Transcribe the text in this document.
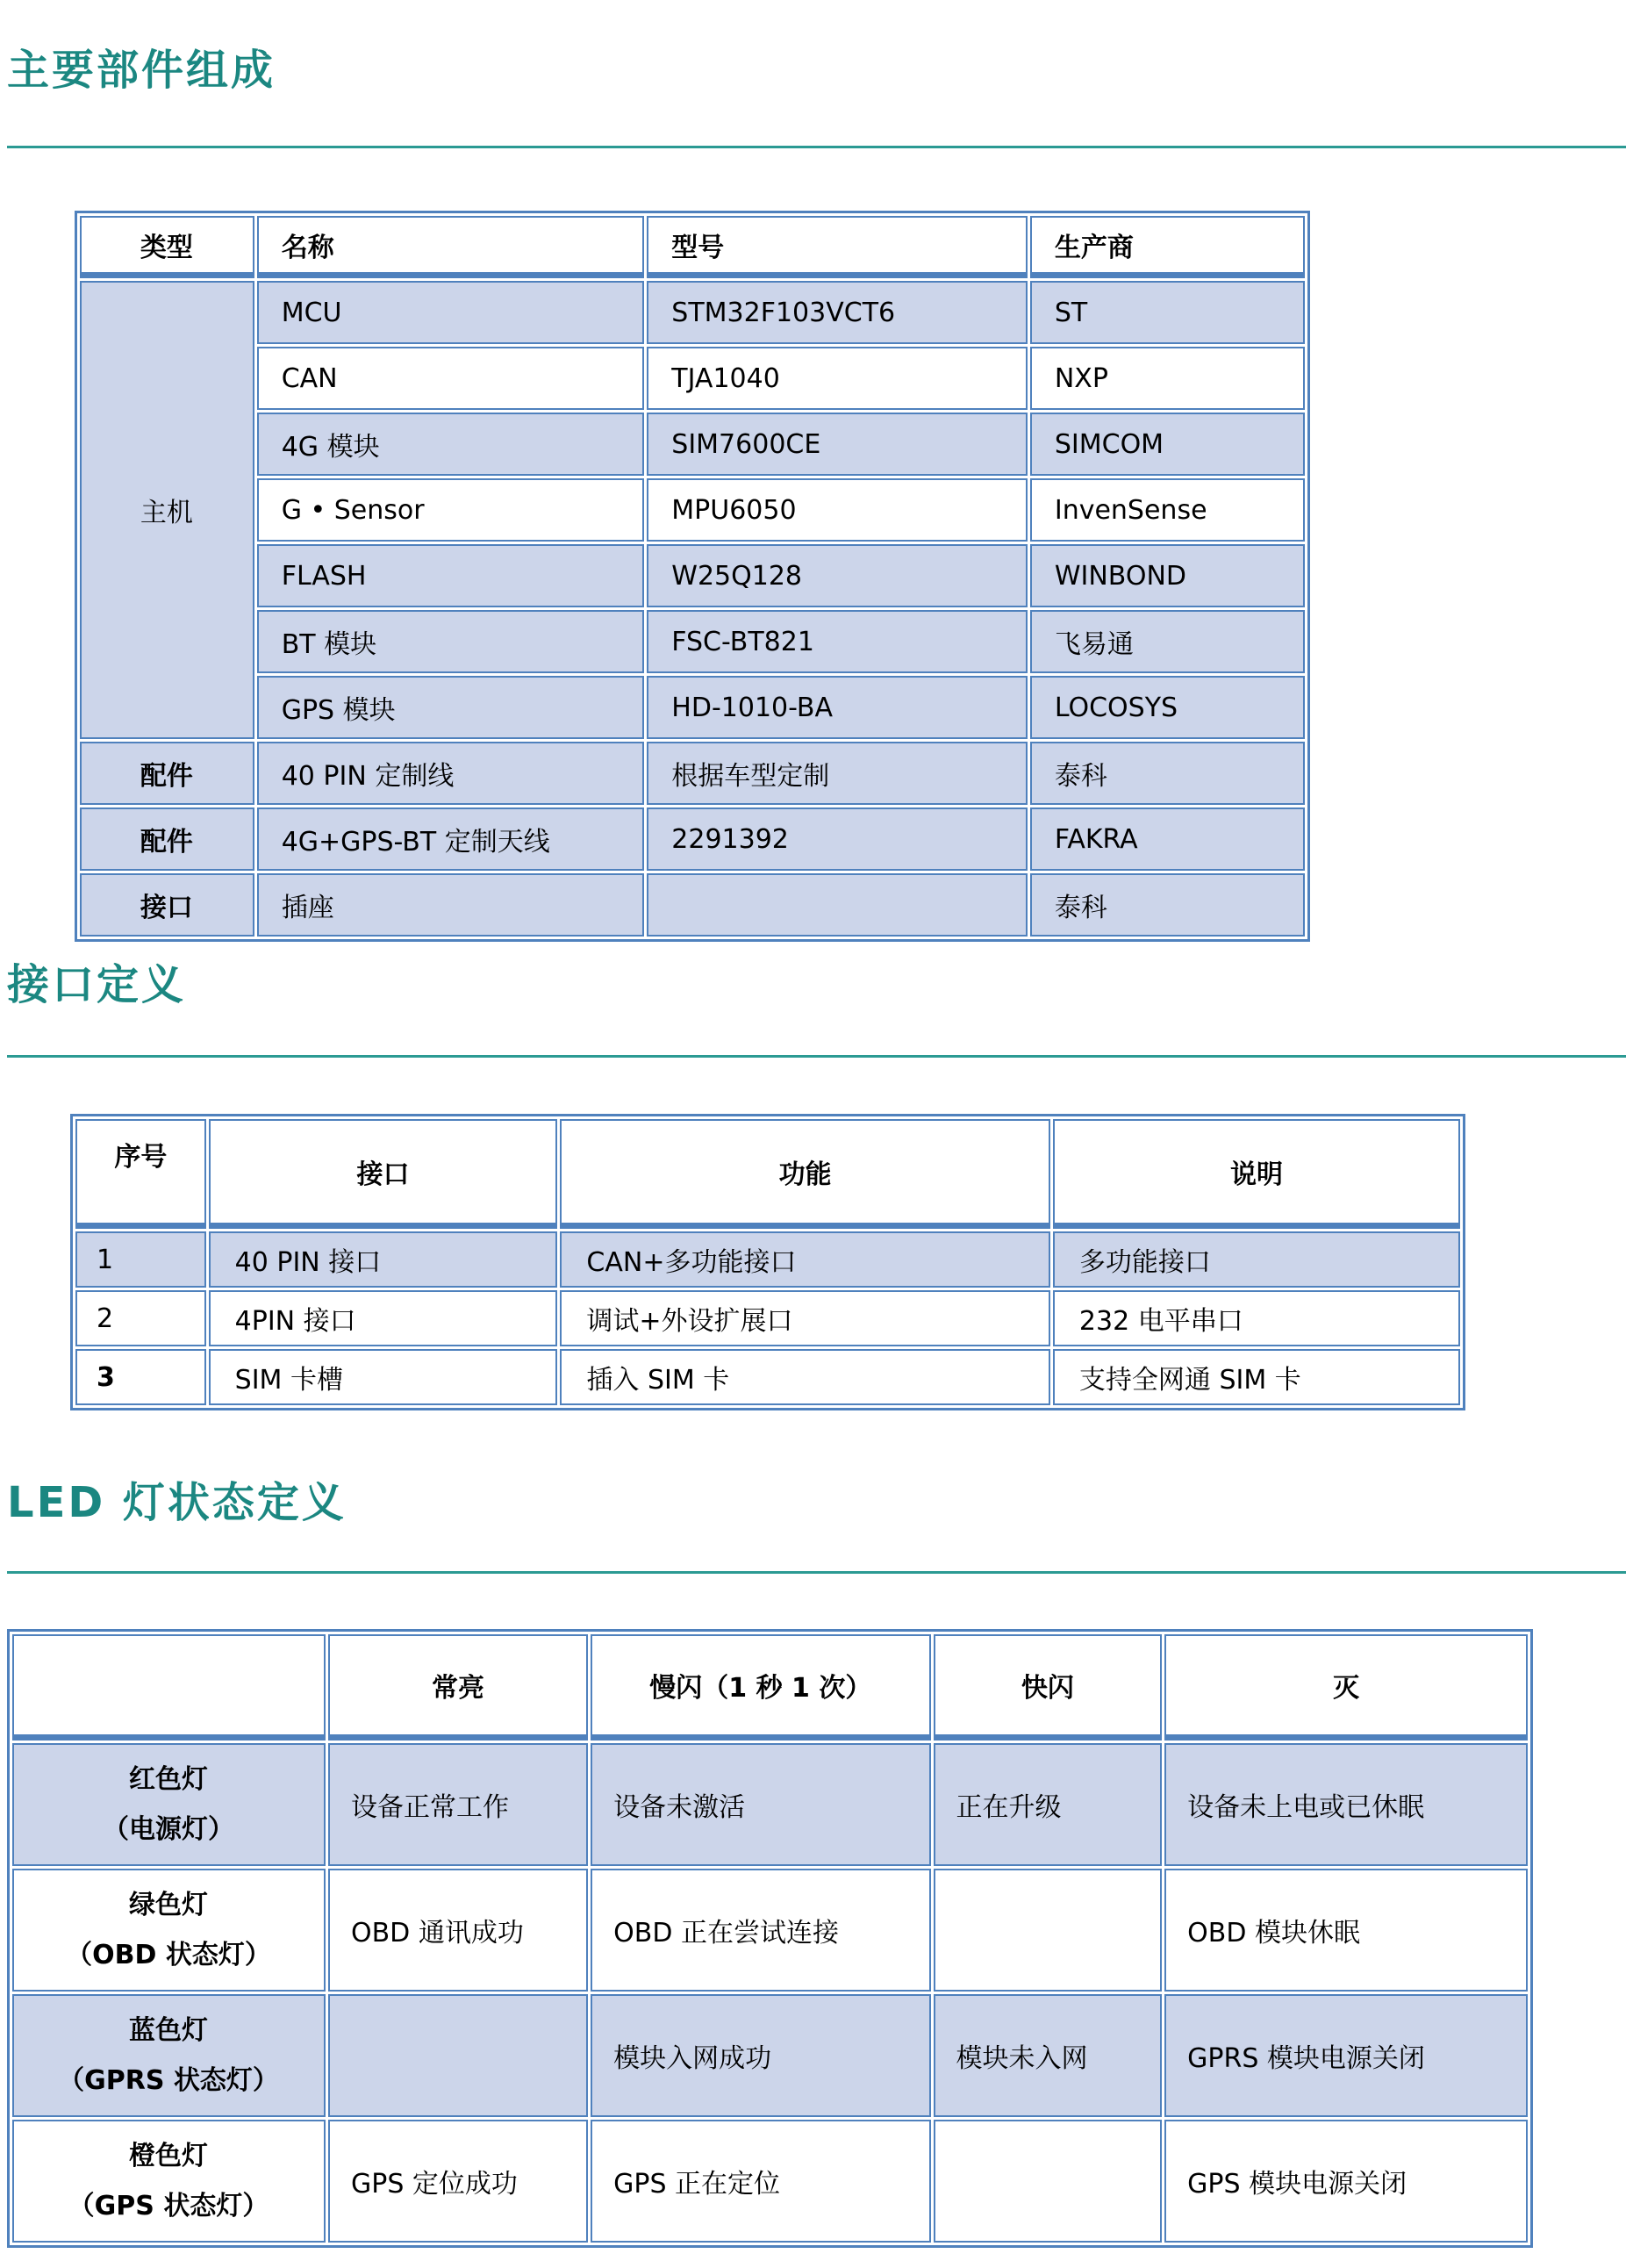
主要部件组成
类型	名称	型号	生产商
主机	MCU	STM32F103VCT6	ST
	CAN	TJA1040	NXP
	4G 模块	SIM7600CE	SIMCOM
	G • Sensor	MPU6050	InvenSense
	FLASH	W25Q128	WINBOND
	BT 模块	FSC-BT821	飞易通
	GPS 模块	HD-1010-BA	LOCOSYS
配件	40 PIN 定制线	根据车型定制	泰科
配件	4G+GPS-BT 定制天线	2291392	FAKRA
接口	插座		泰科
接口定义
序号	接口	功能	说明
1	40 PIN 接口	CAN+多功能接口	多功能接口
2	4PIN 接口	调试+外设扩展口	232 电平串口
3	SIM 卡槽	插入 SIM 卡	支持全网通 SIM 卡
LED 灯状态定义
	常亮	慢闪（1 秒 1 次）	快闪	灭

红色灯
（电源灯）	设备正常工作	设备未激活	正在升级	设备未上电或已休眠

绿色灯
（OBD 状态灯）	OBD 通讯成功	OBD 正在尝试连接		OBD 模块休眠

蓝色灯
（GPRS 状态灯）		模块入网成功	模块未入网	GPRS 模块电源关闭

橙色灯
（GPS 状态灯）	GPS 定位成功	GPS 正在定位		GPS 模块电源关闭
